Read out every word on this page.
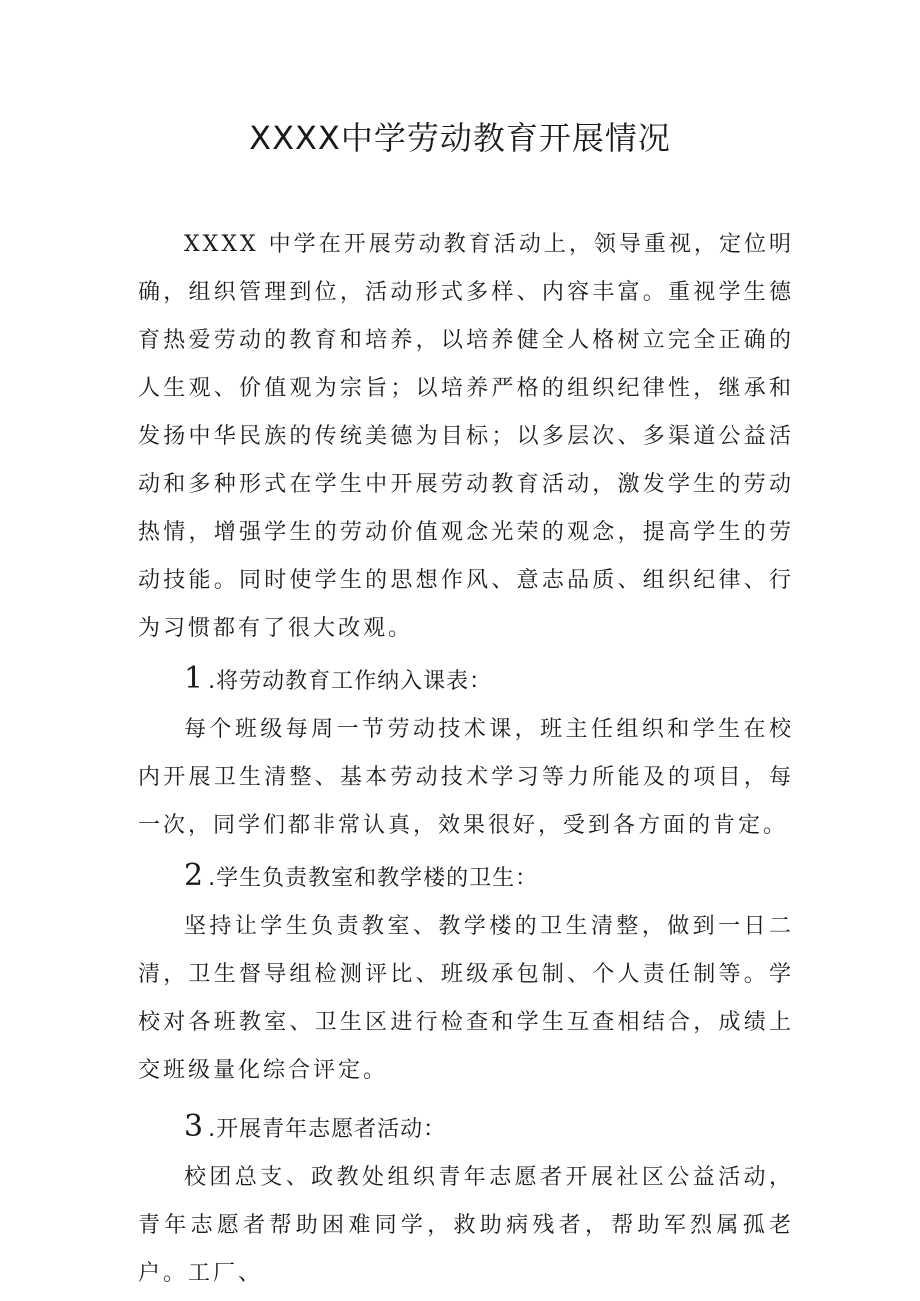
XXXX中学劳动教育开展情况

XXXX 中学在开展劳动教育活动上，领导重视，定位明确，组织管理到位，活动形式多样、内容丰富。重视学生德育热爱劳动的教育和培养，以培养健全人格树立完全正确的人生观、价值观为宗旨；以培养严格的组织纪律性，继承和发扬中华民族的传统美德为目标；以多层次、多渠道公益活动和多种形式在学生中开展劳动教育活动，激发学生的劳动热情，增强学生的劳动价值观念光荣的观念，提高学生的劳动技能。同时使学生的思想作风、意志品质、组织纪律、行为习惯都有了很大改观。

1 .将劳动教育工作纳入课表：

每个班级每周一节劳动技术课，班主任组织和学生在校内开展卫生清整、基本劳动技术学习等力所能及的项目，每一次，同学们都非常认真，效果很好，受到各方面的肯定。

2 .学生负责教室和教学楼的卫生：

坚持让学生负责教室、教学楼的卫生清整，做到一日二清，卫生督导组检测评比、班级承包制、个人责任制等。学校对各班教室、卫生区进行检查和学生互查相结合，成绩上交班级量化综合评定。

3 .开展青年志愿者活动：

校团总支、政教处组织青年志愿者开展社区公益活动，青年志愿者帮助困难同学，救助病残者，帮助军烈属孤老户。工厂、
